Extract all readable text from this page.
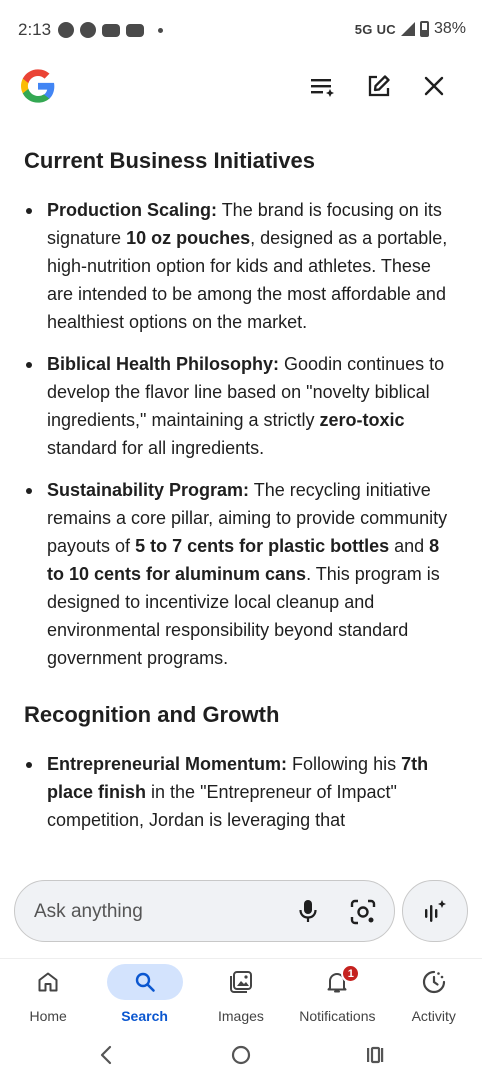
2:13	5G UC 38%
Current Business Initiatives
Production Scaling: The brand is focusing on its signature 10 oz pouches, designed as a portable, high-nutrition option for kids and athletes. These are intended to be among the most affordable and healthiest options on the market.
Biblical Health Philosophy: Goodin continues to develop the flavor line based on "novelty biblical ingredients," maintaining a strictly zero-toxic standard for all ingredients.
Sustainability Program: The recycling initiative remains a core pillar, aiming to provide community payouts of 5 to 7 cents for plastic bottles and 8 to 10 cents for aluminum cans. This program is designed to incentivize local cleanup and environmental responsibility beyond standard government programs.
Recognition and Growth
Entrepreneurial Momentum: Following his 7th place finish in the "Entrepreneur of Impact" competition, Jordan is leveraging that
Ask anything
Home	Search	Images
1
Notifications	Activity
